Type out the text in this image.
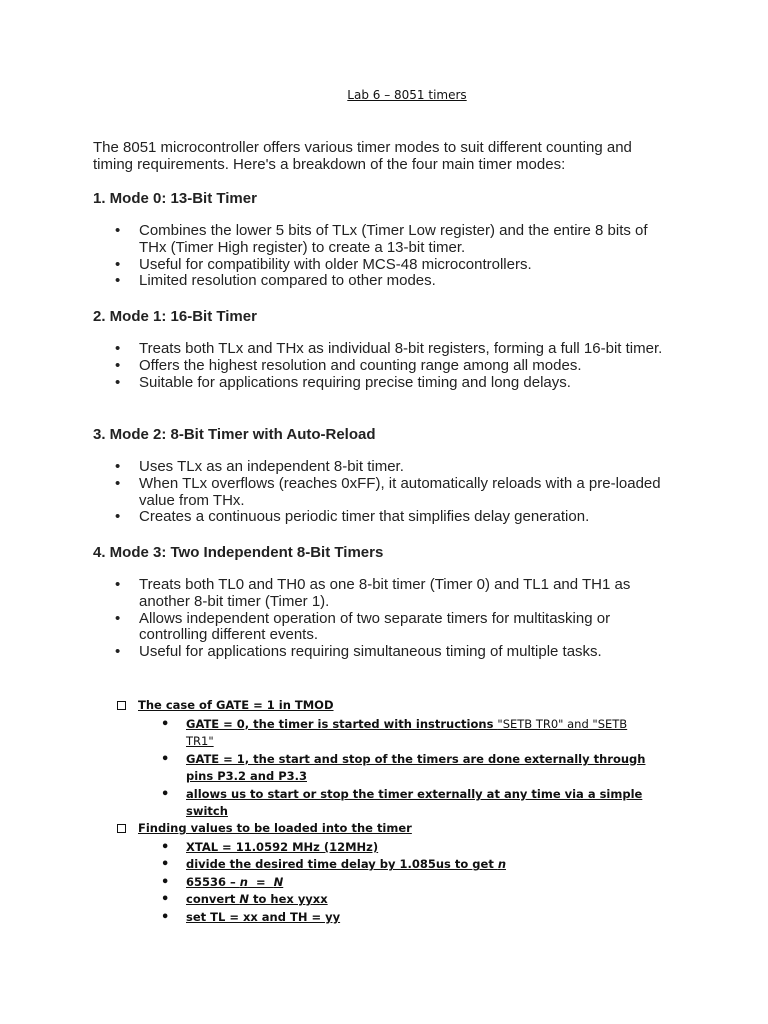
Lab 6 – 8051 timers
The 8051 microcontroller offers various timer modes to suit different counting and timing requirements. Here's a breakdown of the four main timer modes:
1. Mode 0: 13-Bit Timer
• Combines the lower 5 bits of TLx (Timer Low register) and the entire 8 bits of THx (Timer High register) to create a 13-bit timer.
• Useful for compatibility with older MCS-48 microcontrollers.
• Limited resolution compared to other modes.
2. Mode 1: 16-Bit Timer
• Treats both TLx and THx as individual 8-bit registers, forming a full 16-bit timer.
• Offers the highest resolution and counting range among all modes.
• Suitable for applications requiring precise timing and long delays.
3. Mode 2: 8-Bit Timer with Auto-Reload
• Uses TLx as an independent 8-bit timer.
• When TLx overflows (reaches 0xFF), it automatically reloads with a pre-loaded value from THx.
• Creates a continuous periodic timer that simplifies delay generation.
4. Mode 3: Two Independent 8-Bit Timers
• Treats both TL0 and TH0 as one 8-bit timer (Timer 0) and TL1 and TH1 as another 8-bit timer (Timer 1).
• Allows independent operation of two separate timers for multitasking or controlling different events.
• Useful for applications requiring simultaneous timing of multiple tasks.
The case of GATE = 1 in TMOD
• GATE = 0, the timer is started with instructions "SETB TR0" and "SETB TR1"
• GATE = 1, the start and stop of the timers are done externally through pins P3.2 and P3.3
• allows us to start or stop the timer externally at any time via a simple switch
Finding values to be loaded into the timer
• XTAL = 11.0592 MHz (12MHz)
• divide the desired time delay by 1.085us to get n
• 65536 – n  =  N
• convert N to hex yyxx
• set TL = xx and TH = yy
